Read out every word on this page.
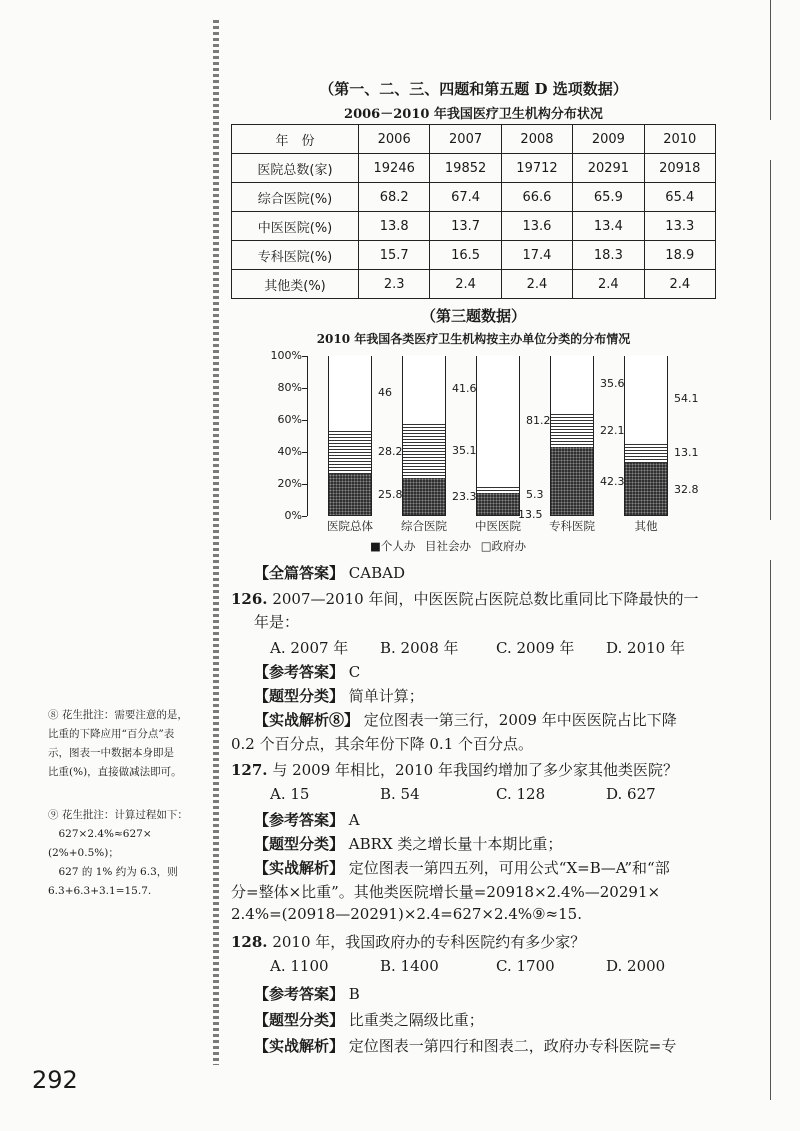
（第一、二、三、四题和第五题 D 选项数据）
2006－2010 年我国医疗卫生机构分布状况
年　份	2006	2007	2008	2009	2010
医院总数(家)	19246	19852	19712	20291	20918
综合医院(%)	68.2	67.4	66.6	65.9	65.4
中医医院(%)	13.8	13.7	13.6	13.4	13.3
专科医院(%)	15.7	16.5	17.4	18.3	18.9
其他类(%)	2.3	2.4	2.4	2.4	2.4
（第三题数据）
2010 年我国各类医疗卫生机构按主办单位分类的分布情况
0%
20%
40%
60%
80%
100%
25.8
28.2
46
23.3
35.1
41.6
13.5
5.3
81.2
42.3
22.1
35.6
32.8
13.1
54.1
医院总体	综合医院	中医医院	专科医院	其他
■个人办 目社会办 □政府办
【全篇答案】 CABAD
126. 2007—2010 年间，中医医院占医院总数比重同比下降最快的一
年是：
A. 2007 年 B. 2008 年 C. 2009 年 D. 2010 年
【参考答案】 C
【题型分类】 简单计算；
【实战解析⑧】 定位图表一第三行，2009 年中医医院占比下降
0.2 个百分点，其余年份下降 0.1 个百分点。
127. 与 2009 年相比，2010 年我国约增加了多少家其他类医院？
A. 15	B. 54	C. 128	D. 627
【参考答案】 A
【题型分类】 ABRX 类之增长量十本期比重；
【实战解析】 定位图表一第四五列，可用公式“X=B—A”和“部
分=整体×比重”。其他类医院增长量=20918×2.4%—20291×
2.4%=(20918—20291)×2.4=627×2.4%⑨≈15.
128. 2010 年，我国政府办的专科医院约有多少家？
A. 1100	B. 1400	C. 1700	D. 2000
【参考答案】 B
【题型分类】 比重类之隔级比重；
【实战解析】 定位图表一第四行和图表二，政府办专科医院=专
⑧ 花生批注：需要注意的是，
比重的下降应用“百分点”表
示，图表一中数据本身即是
比重(%)，直接做减法即可。
⑨ 花生批注：计算过程如下：
　627×2.4%≈627×
(2%+0.5%)；
　627 的 1% 约为 6.3，则
6.3+6.3+3.1=15.7.
292
